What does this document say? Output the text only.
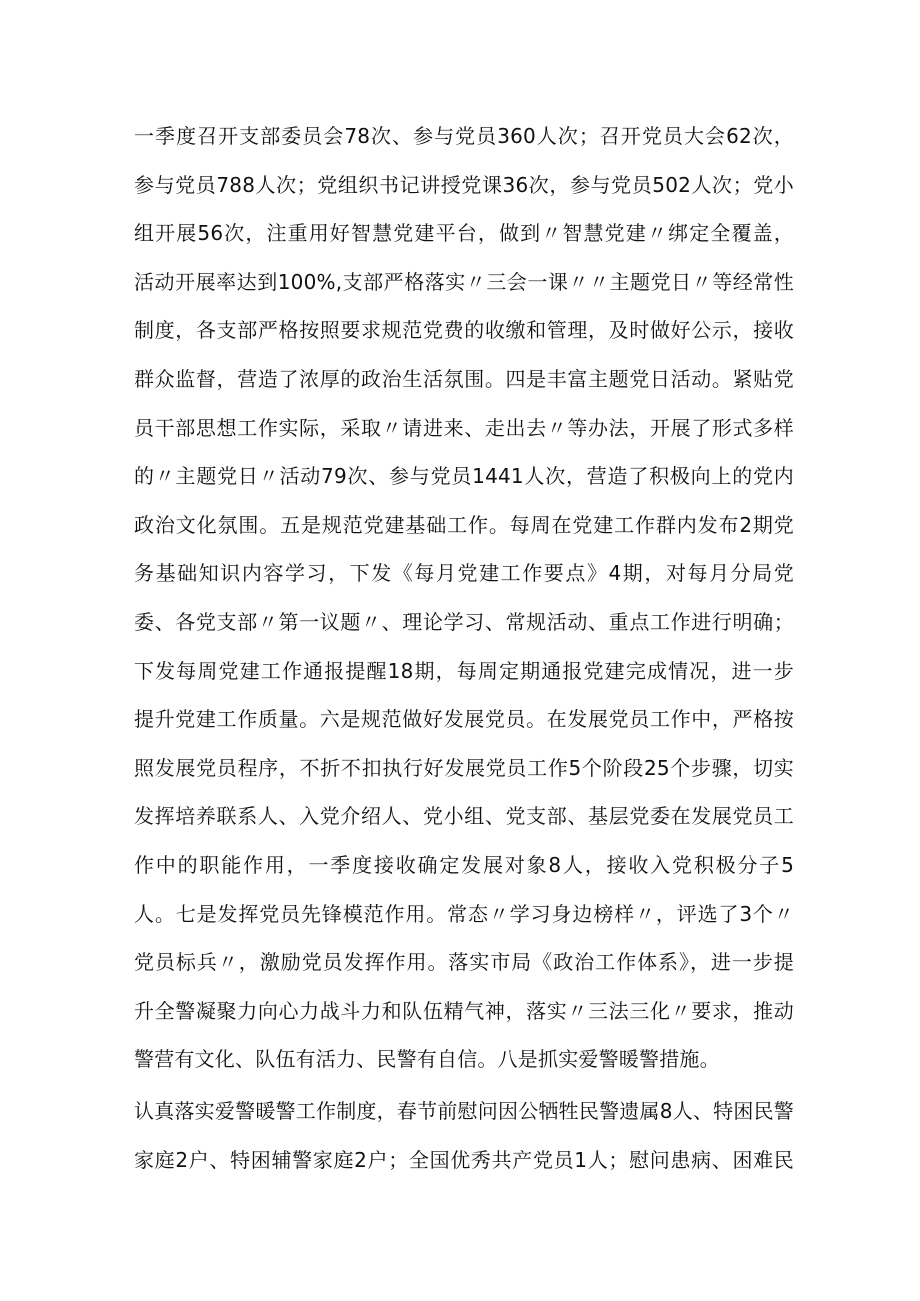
一季度召开支部委员会78次、参与党员360人次；召开党员大会62次，
参与党员788人次；党组织书记讲授党课36次，参与党员502人次；党小
组开展56次，注重用好智慧党建平台，做到〃智慧党建〃绑定全覆盖，
活动开展率达到100%,支部严格落实〃三会一课〃〃主题党日〃等经常性
制度，各支部严格按照要求规范党费的收缴和管理，及时做好公示，接收
群众监督，营造了浓厚的政治生活氛围。四是丰富主题党日活动。紧贴党
员干部思想工作实际，采取〃请进来、走出去〃等办法，开展了形式多样
的〃主题党日〃活动79次、参与党员1441人次，营造了积极向上的党内
政治文化氛围。五是规范党建基础工作。每周在党建工作群内发布2期党
务基础知识内容学习，下发《每月党建工作要点》4期，对每月分局党
委、各党支部〃第一议题〃、理论学习、常规活动、重点工作进行明确；
下发每周党建工作通报提醒18期，每周定期通报党建完成情况，进一步
提升党建工作质量。六是规范做好发展党员。在发展党员工作中，严格按
照发展党员程序，不折不扣执行好发展党员工作5个阶段25个步骤，切实
发挥培养联系人、入党介绍人、党小组、党支部、基层党委在发展党员工
作中的职能作用，一季度接收确定发展对象8人，接收入党积极分子5
人。七是发挥党员先锋模范作用。常态〃学习身边榜样〃，评选了3个〃
党员标兵〃，激励党员发挥作用。落实市局《政治工作体系》，进一步提
升全警凝聚力向心力战斗力和队伍精气神，落实〃三法三化〃要求，推动
警营有文化、队伍有活力、民警有自信。八是抓实爱警暖警措施。
认真落实爱警暖警工作制度，春节前慰问因公牺牲民警遗属8人、特困民警
家庭2户、特困辅警家庭2户；全国优秀共产党员1人；慰问患病、困难民
